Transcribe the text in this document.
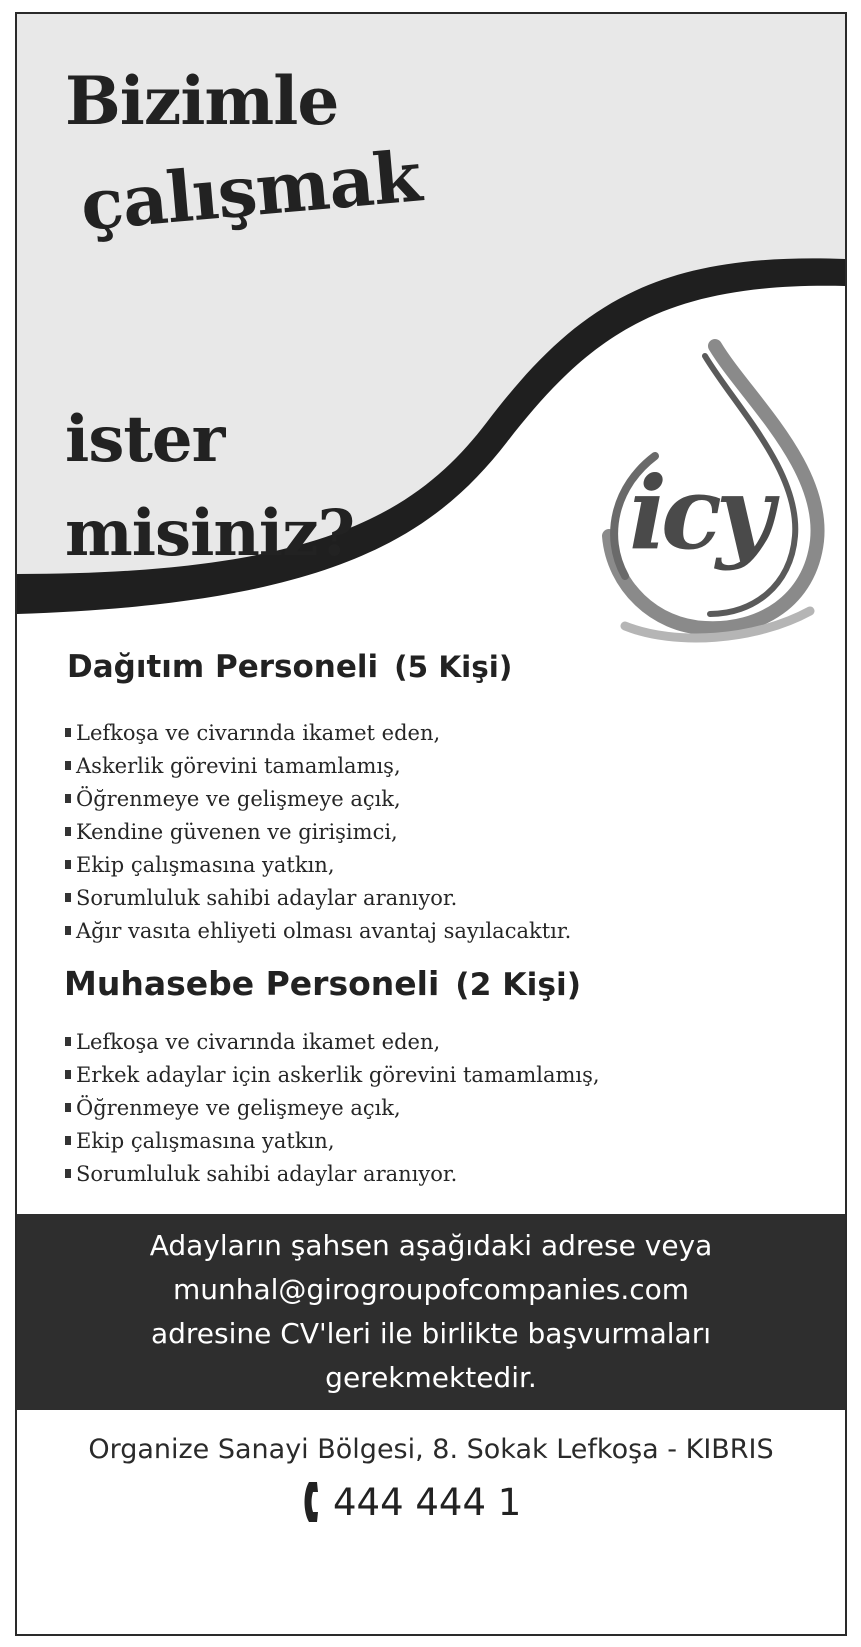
Bizimle
çalışmak
ister
misiniz?	icy
Dağıtım Personeli (5 Kişi)
Lefkoşa ve civarında ikamet eden,
Askerlik görevini tamamlamış,
Öğrenmeye ve gelişmeye açık,
Kendine güvenen ve girişimci,
Ekip çalışmasına yatkın,
Sorumluluk sahibi adaylar aranıyor.
Ağır vasıta ehliyeti olması avantaj sayılacaktır.
Muhasebe Personeli (2 Kişi)
Lefkoşa ve civarında ikamet eden,
Erkek adaylar için askerlik görevini tamamlamış,
Öğrenmeye ve gelişmeye açık,
Ekip çalışmasına yatkın,
Sorumluluk sahibi adaylar aranıyor.
Adayların şahsen aşağıdaki adrese veya
munhal@girogroupofcompanies.com
adresine CV'leri ile birlikte başvurmaları
gerekmektedir.
Organize Sanayi Bölgesi, 8. Sokak Lefkoşa - KIBRIS
444 444 1
